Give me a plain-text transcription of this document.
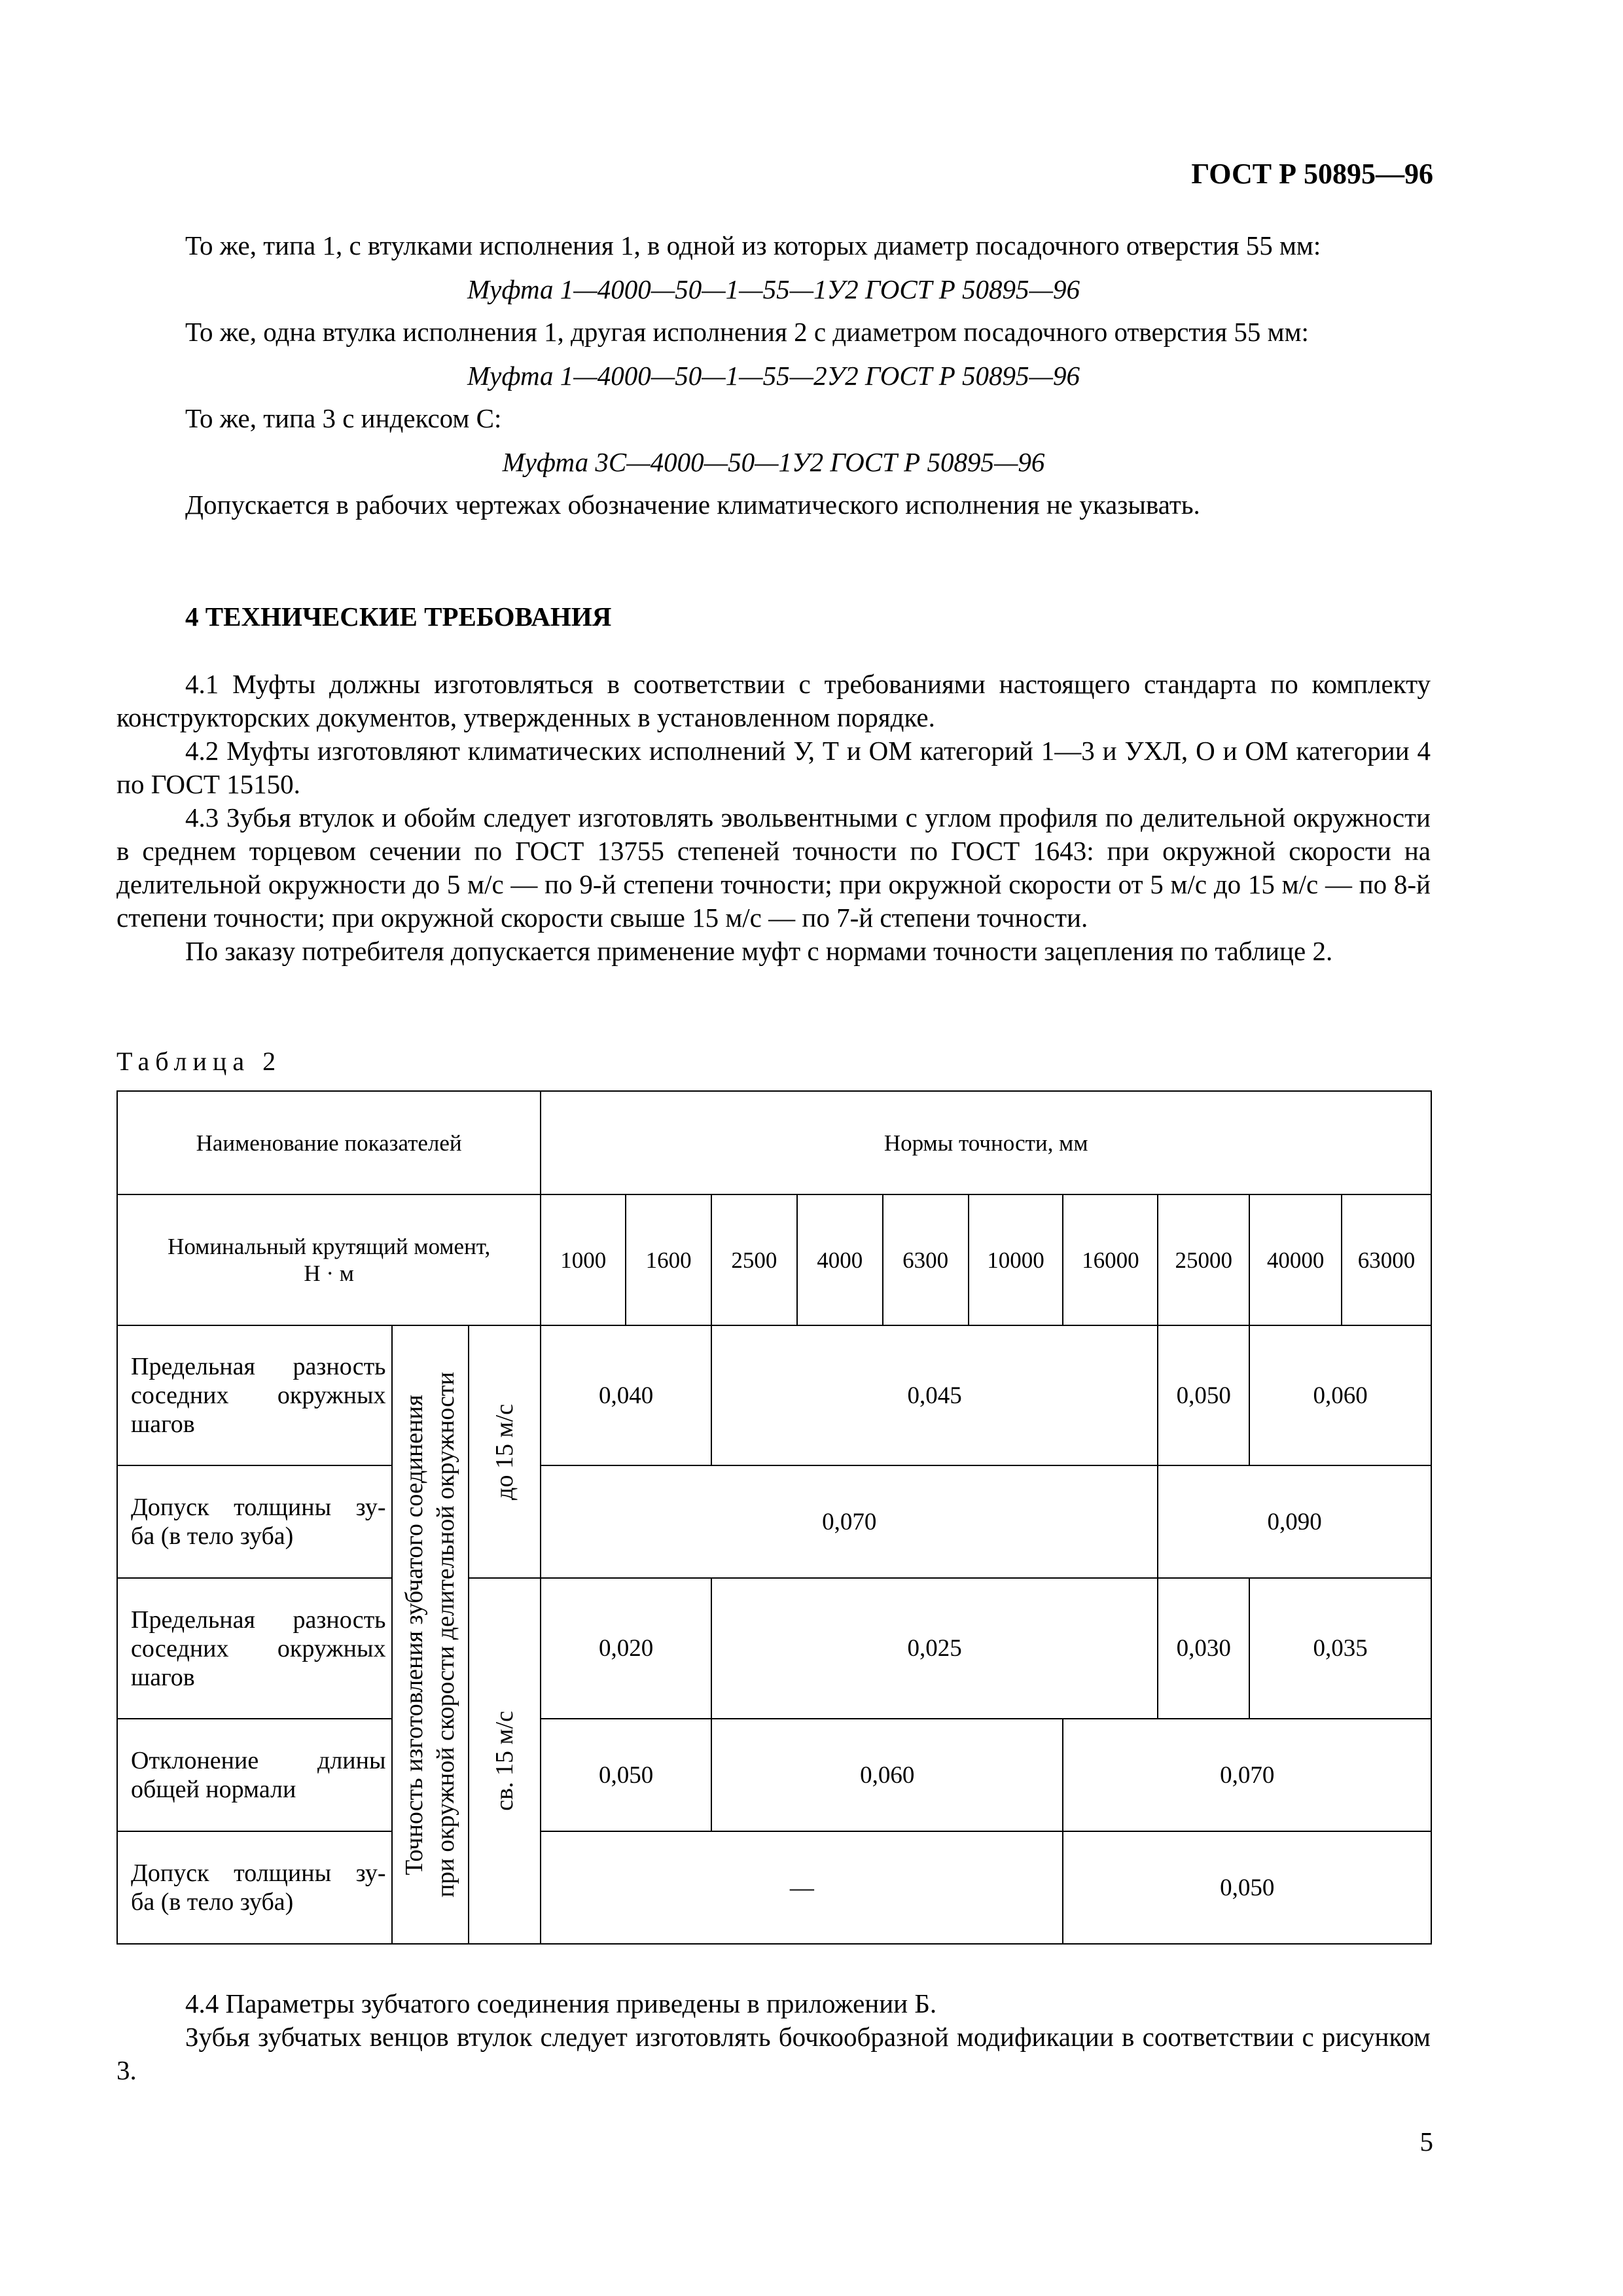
ГОСТ Р 50895—96

То же, типа 1, с втулками исполнения 1, в одной из которых диаметр посадочного отверстия 55 мм:

Муфта 1—4000—50—1—55—1У2 ГОСТ Р 50895—96

То же, одна втулка исполнения 1, другая исполнения 2 с диаметром посадочного отверстия 55 мм:

Муфта 1—4000—50—1—55—2У2 ГОСТ Р 50895—96

То же, типа 3 с индексом С:

Муфта 3С—4000—50—1У2 ГОСТ Р 50895—96

Допускается в рабочих чертежах обозначение климатического исполнения не указывать.

4 ТЕХНИЧЕСКИЕ ТРЕБОВАНИЯ

4.1 Муфты должны изготовляться в соответствии с требованиями настоящего стандарта по комплекту конструкторских документов, утвержденных в установленном порядке.

4.2 Муфты изготовляют климатических исполнений У, Т и ОМ категорий 1—3 и УХЛ, О и ОМ категории 4 по ГОСТ 15150.

4.3 Зубья втулок и обойм следует изготовлять эвольвентными с углом профиля по делительной окружности в среднем торцевом сечении по ГОСТ 13755 степеней точности по ГОСТ 1643: при окружной скорости на делительной окружности до 5 м/с — по 9-й степени точности; при окружной скорости от 5 м/с до 15 м/с — по 8-й степени точности; при окружной скорости свыше 15 м/с — по 7-й степени точности.

По заказу потребителя допускается применение муфт с нормами точности зацепления по таблице 2.

Таблица 2
Наименование показателей			Нормы точности, мм									
Номинальный крутящий момент,
Н · м			1000	1600	2500	4000	6300	10000	16000	25000	40000	63000

Предельная разность
соседних окружных
шагов	Точность изготовления зубчатого соединения при окружной скорости делительной окружности	до 15 м/с	0,040		0,045					0,050	0,060	

Допуск толщины зу-
ба (в тело зуба)			0,070							0,090		

Предельная разность
соседних окружных
шагов		св. 15 м/с	0,020		0,025					0,030	0,035	

Отклонение длины
общей нормали			0,050		0,060				0,070			

Допуск толщины зу-
ба (в тело зуба)			—						0,050			

4.4 Параметры зубчатого соединения приведены в приложении Б.

Зубья зубчатых венцов втулок следует изготовлять бочкообразной модификации в соответствии с рисунком 3.

5
